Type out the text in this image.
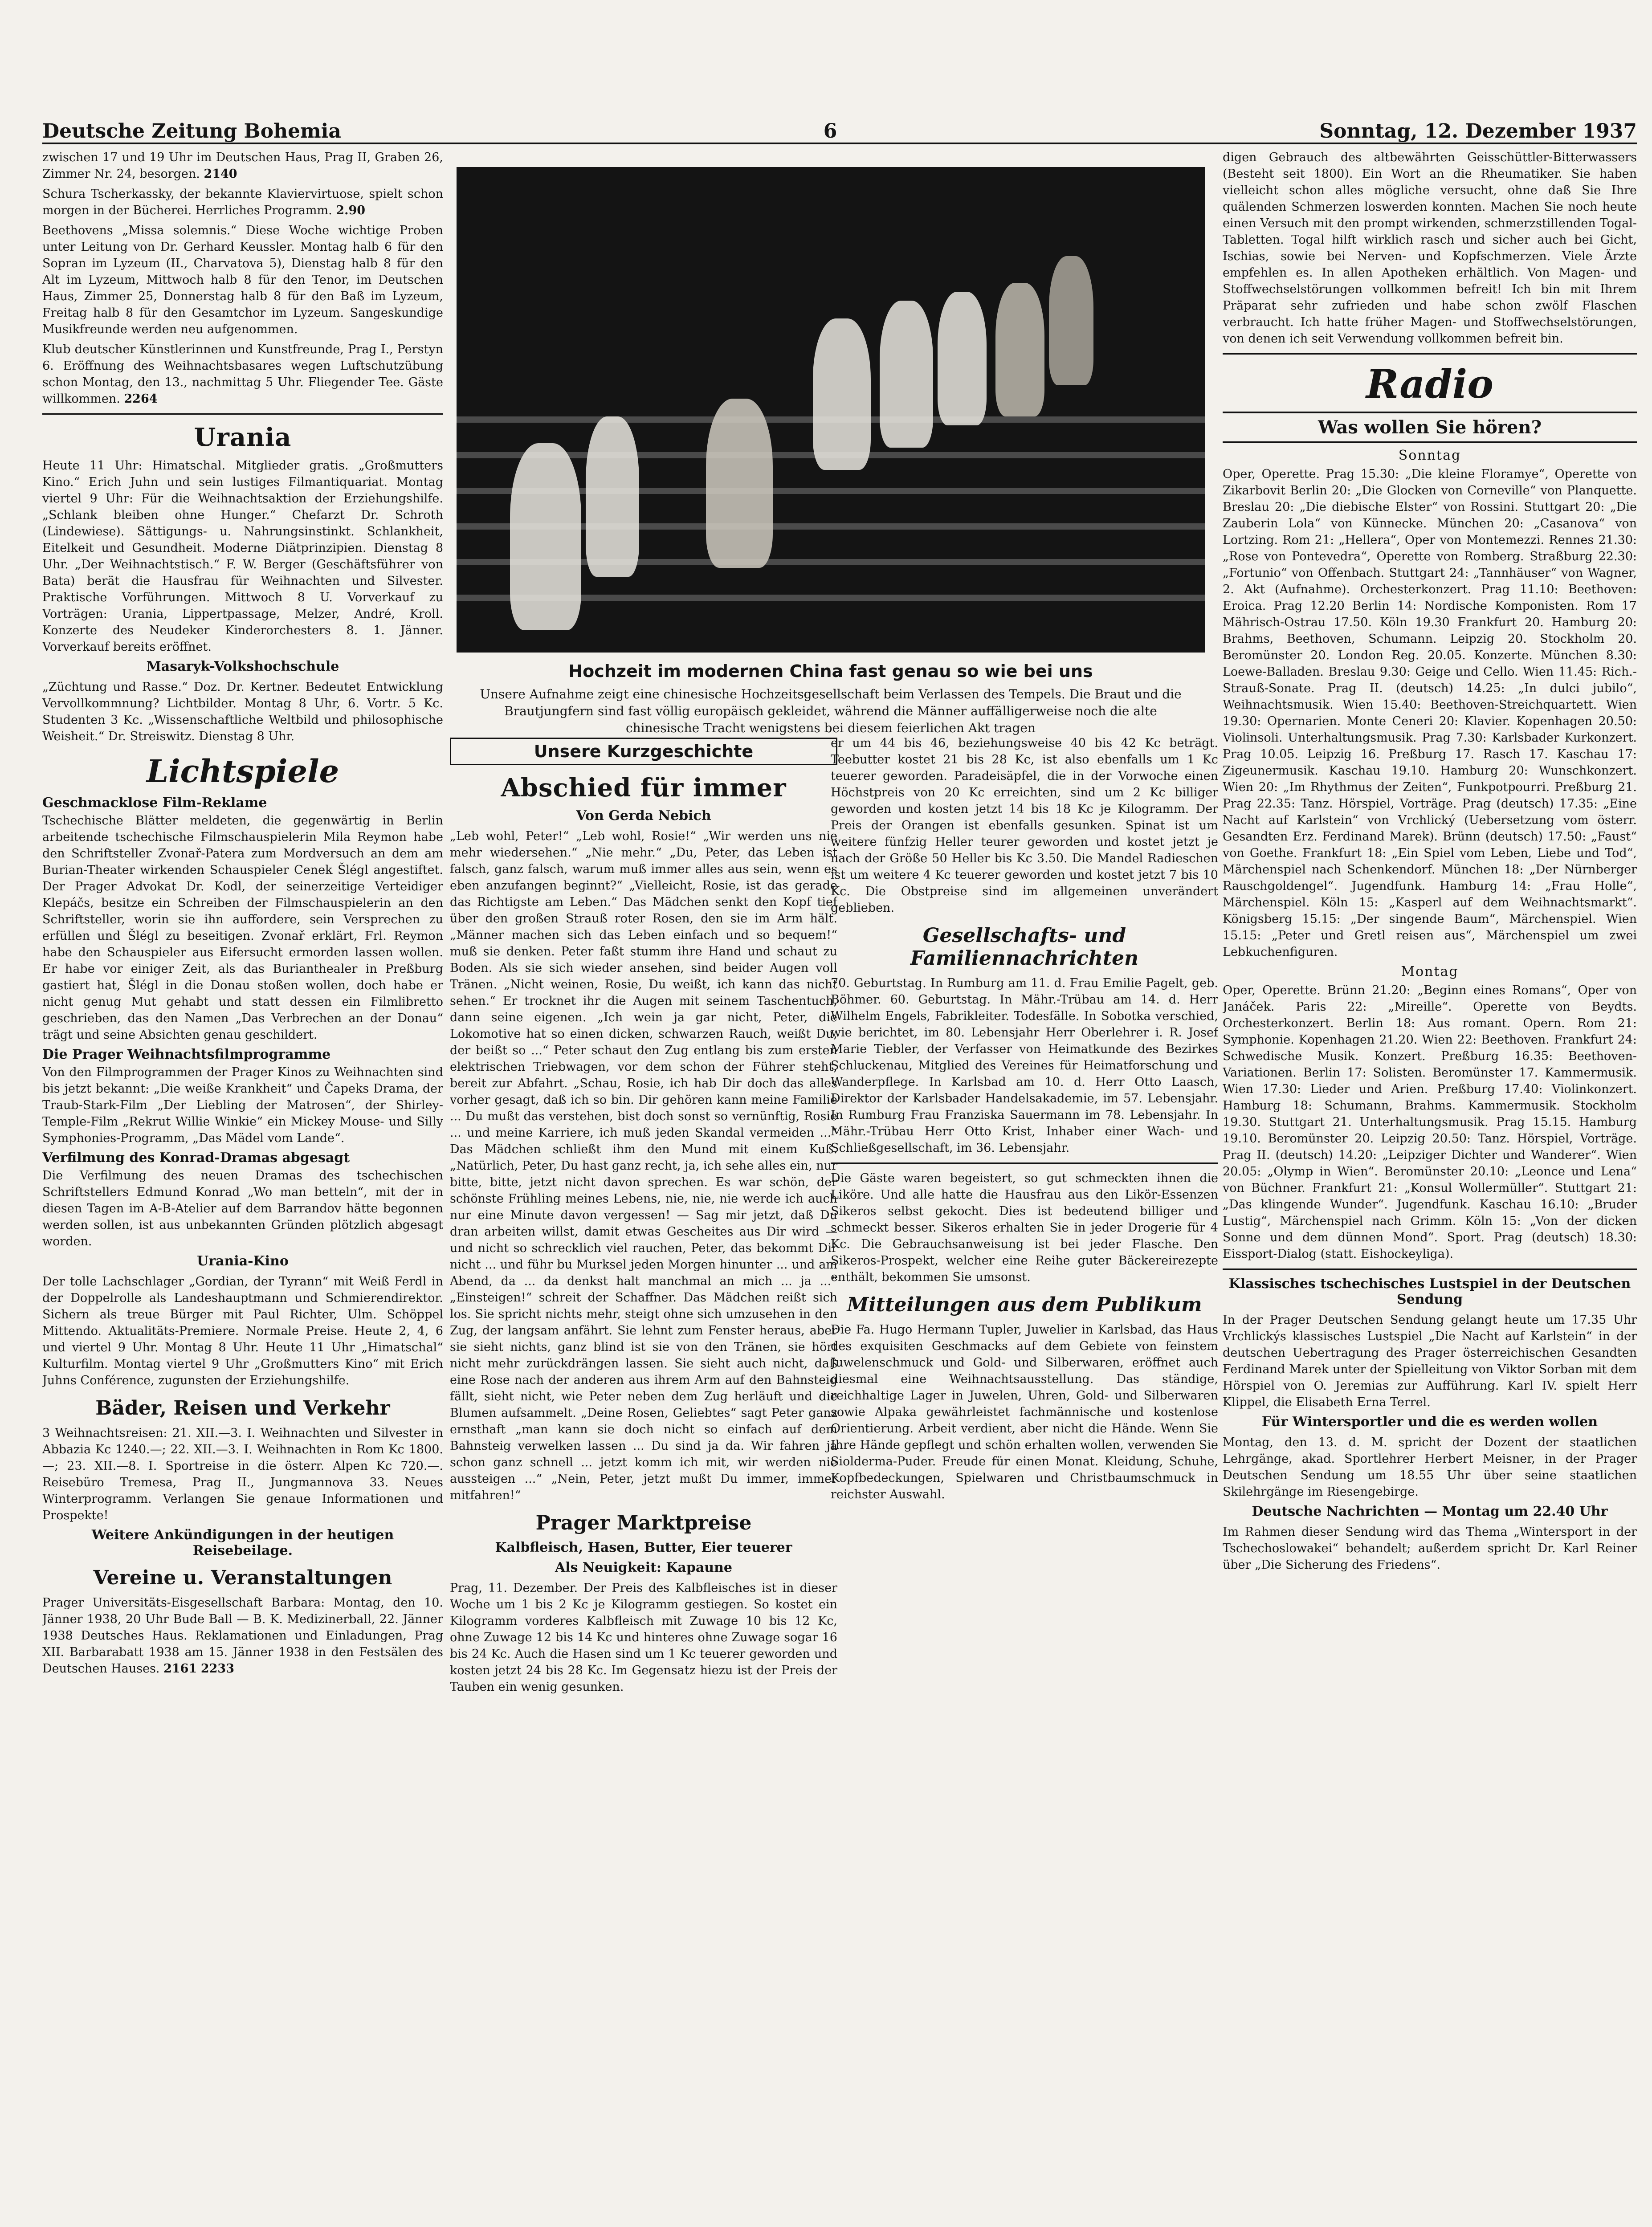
Deutsche Zeitung Bohemia	6	Sonntag, 12. Dezember 1937

zwischen 17 und 19 Uhr im Deutschen Haus, Prag II, Graben 26, Zimmer Nr. 24, besorgen. 2140

Schura Tscherkassky, der bekannte Klaviervirtuose, spielt schon morgen in der Bücherei. Herrliches Programm. 2.90

Beethovens „Missa solemnis.“ Diese Woche wichtige Proben unter Leitung von Dr. Gerhard Keussler. Montag halb 6 für den Sopran im Lyzeum (II., Charvatova 5), Dienstag halb 8 für den Alt im Lyzeum, Mittwoch halb 8 für den Tenor, im Deutschen Haus, Zimmer 25, Donnerstag halb 8 für den Baß im Lyzeum, Freitag halb 8 für den Gesamtchor im Lyzeum. Sangeskundige Musikfreunde werden neu aufgenommen.

Klub deutscher Künstlerinnen und Kunstfreunde, Prag I., Perstyn 6. Eröffnung des Weihnachtsbasares wegen Luftschutzübung schon Montag, den 13., nachmittag 5 Uhr. Fliegender Tee. Gäste willkommen. 2264

Urania

Heute 11 Uhr: Himatschal. Mitglieder gratis. „Großmutters Kino.“ Erich Juhn und sein lustiges Filmantiquariat. Montag viertel 9 Uhr: Für die Weihnachtsaktion der Erziehungshilfe. „Schlank bleiben ohne Hunger.“ Chefarzt Dr. Schroth (Lindewiese). Sättigungs- u. Nahrungsinstinkt. Schlankheit, Eitelkeit und Gesundheit. Moderne Diätprinzipien. Dienstag 8 Uhr. „Der Weihnachtstisch.“ F. W. Berger (Geschäftsführer von Bata) berät die Hausfrau für Weihnachten und Silvester. Praktische Vorführungen. Mittwoch 8 U. Vorverkauf zu Vorträgen: Urania, Lippertpassage, Melzer, André, Kroll. Konzerte des Neudeker Kinderorchesters 8. 1. Jänner. Vorverkauf bereits eröffnet.

Masaryk-Volkshochschule

„Züchtung und Rasse.“ Doz. Dr. Kertner. Bedeutet Entwicklung Vervollkommnung? Lichtbilder. Montag 8 Uhr, 6. Vortr. 5 Kc. Studenten 3 Kc. „Wissenschaftliche Weltbild und philosophische Weisheit.“ Dr. Streiswitz. Dienstag 8 Uhr.

Lichtspiele
Geschmacklose Film-Reklame

Tschechische Blätter meldeten, die gegenwärtig in Berlin arbeitende tschechische Filmschauspielerin Mila Reymon habe den Schriftsteller Zvonař-Patera zum Mordversuch an dem am Burian-Theater wirkenden Schauspieler Cenek Šlégl angestiftet. Der Prager Advokat Dr. Kodl, der seinerzeitige Verteidiger Klepáčs, besitze ein Schreiben der Filmschauspielerin an den Schriftsteller, worin sie ihn auffordere, sein Versprechen zu erfüllen und Šlégl zu beseitigen. Zvonař erklärt, Frl. Reymon habe den Schauspieler aus Eifersucht ermorden lassen wollen. Er habe vor einiger Zeit, als das Burianthealer in Preßburg gastiert hat, Šlégl in die Donau stoßen wollen, doch habe er nicht genug Mut gehabt und statt dessen ein Filmlibretto geschrieben, das den Namen „Das Verbrechen an der Donau“ trägt und seine Absichten genau geschildert.

Die Prager Weihnachtsfilmprogramme

Von den Filmprogrammen der Prager Kinos zu Weihnachten sind bis jetzt bekannt: „Die weiße Krankheit“ und Čapeks Drama, der Traub-Stark-Film „Der Liebling der Matrosen“, der Shirley-Temple-Film „Rekrut Willie Winkie“ ein Mickey Mouse- und Silly Symphonies-Programm, „Das Mädel vom Lande“.

Verfilmung des Konrad-Dramas abgesagt

Die Verfilmung des neuen Dramas des tschechischen Schriftstellers Edmund Konrad „Wo man betteln“, mit der in diesen Tagen im A-B-Atelier auf dem Barrandov hätte begonnen werden sollen, ist aus unbekannten Gründen plötzlich abgesagt worden.

Urania-Kino

Der tolle Lachschlager „Gordian, der Tyrann“ mit Weiß Ferdl in der Doppelrolle als Landeshauptmann und Schmierendirektor. Sichern als treue Bürger mit Paul Richter, Ulm. Schöppel Mittendo. Aktualitäts-Premiere. Normale Preise. Heute 2, 4, 6 und viertel 9 Uhr. Montag 8 Uhr. Heute 11 Uhr „Himatschal“ Kulturfilm. Montag viertel 9 Uhr „Großmutters Kino“ mit Erich Juhns Conférence, zugunsten der Erziehungshilfe.

Bäder, Reisen und Verkehr

3 Weihnachtsreisen: 21. XII.—3. I. Weihnachten und Silvester in Abbazia Kc 1240.—; 22. XII.—3. I. Weihnachten in Rom Kc 1800.—; 23. XII.—8. I. Sportreise in die österr. Alpen Kc 720.—. Reisebüro Tremesa, Prag II., Jungmannova 33. Neues Winterprogramm. Verlangen Sie genaue Informationen und Prospekte!

Weitere Ankündigungen in der heutigen Reisebeilage.
Vereine u. Veranstaltungen

Prager Universitäts-Eisgesellschaft Barbara: Montag, den 10. Jänner 1938, 20 Uhr Bude Ball — B. K. Medizinerball, 22. Jänner 1938 Deutsches Haus. Reklamationen und Einladungen, Prag XII. Barbarabatt 1938 am 15. Jänner 1938 in den Festsälen des Deutschen Hauses. 2161 2233

Hochzeit im modernen China fast genau so wie bei uns
Unsere Aufnahme zeigt eine chinesische Hochzeitsgesellschaft beim Verlassen des Tempels. Die Braut und die Brautjungfern sind fast völlig europäisch gekleidet, während die Männer auffälligerweise noch die alte chinesische Tracht wenigstens bei diesem feierlichen Akt tragen
Unsere Kurzgeschichte
Abschied für immer
Von Gerda Nebich

„Leb wohl, Peter!“ „Leb wohl, Rosie!“ „Wir werden uns nie mehr wiedersehen.“ „Nie mehr.“ „Du, Peter, das Leben ist falsch, ganz falsch, warum muß immer alles aus sein, wenn es eben anzufangen beginnt?“ „Vielleicht, Rosie, ist das gerade das Richtigste am Leben.“ Das Mädchen senkt den Kopf tief über den großen Strauß roter Rosen, den sie im Arm hält. „Männer machen sich das Leben einfach und so bequem!“ muß sie denken. Peter faßt stumm ihre Hand und schaut zu Boden. Als sie sich wieder ansehen, sind beider Augen voll Tränen. „Nicht weinen, Rosie, Du weißt, ich kann das nicht sehen.“ Er trocknet ihr die Augen mit seinem Taschentuch, dann seine eigenen. „Ich wein ja gar nicht, Peter, die Lokomotive hat so einen dicken, schwarzen Rauch, weißt Du, der beißt so ...“ Peter schaut den Zug entlang bis zum ersten elektrischen Triebwagen, vor dem schon der Führer steht, bereit zur Abfahrt. „Schau, Rosie, ich hab Dir doch das alles vorher gesagt, daß ich so bin. Dir gehören kann meine Familie ... Du mußt das verstehen, bist doch sonst so vernünftig, Rosie ... und meine Karriere, ich muß jeden Skandal vermeiden ...“ Das Mädchen schließt ihm den Mund mit einem Kuß. „Natürlich, Peter, Du hast ganz recht, ja, ich sehe alles ein, nur bitte, bitte, jetzt nicht davon sprechen. Es war schön, der schönste Frühling meines Lebens, nie, nie, nie werde ich auch nur eine Minute davon vergessen! — Sag mir jetzt, daß Du dran arbeiten willst, damit etwas Gescheites aus Dir wird — und nicht so schrecklich viel rauchen, Peter, das bekommt Dir nicht ... und führ bu Murksel jeden Morgen hinunter ... und am Abend, da ... da denkst halt manchmal an mich ... ja ...“ „Einsteigen!“ schreit der Schaffner. Das Mädchen reißt sich los. Sie spricht nichts mehr, steigt ohne sich umzusehen in den Zug, der langsam anfährt. Sie lehnt zum Fenster heraus, aber sie sieht nichts, ganz blind ist sie von den Tränen, sie hört nicht mehr zurückdrängen lassen. Sie sieht auch nicht, daß eine Rose nach der anderen aus ihrem Arm auf den Bahnsteig fällt, sieht nicht, wie Peter neben dem Zug herläuft und die Blumen aufsammelt. „Deine Rosen, Geliebtes“ sagt Peter ganz ernsthaft „man kann sie doch nicht so einfach auf dem Bahnsteig verwelken lassen ... Du sind ja da. Wir fahren ja schon ganz schnell ... jetzt komm ich mit, wir werden nie aussteigen ...“ „Nein, Peter, jetzt mußt Du immer, immer mitfahren!“

Prager Marktpreise
Kalbfleisch, Hasen, Butter, Eier teuerer
Als Neuigkeit: Kapaune

Prag, 11. Dezember. Der Preis des Kalbfleisches ist in dieser Woche um 1 bis 2 Kc je Kilogramm gestiegen. So kostet ein Kilogramm vorderes Kalbfleisch mit Zuwage 10 bis 12 Kc, ohne Zuwage 12 bis 14 Kc und hinteres ohne Zuwage sogar 16 bis 24 Kc. Auch die Hasen sind um 1 Kc teuerer geworden und kosten jetzt 24 bis 28 Kc. Im Gegensatz hiezu ist der Preis der Tauben ein wenig gesunken.

er um 44 bis 46, beziehungsweise 40 bis 42 Kc beträgt. Teebutter kostet 21 bis 28 Kc, ist also ebenfalls um 1 Kc teuerer geworden. Paradeisäpfel, die in der Vorwoche einen Höchstpreis von 20 Kc erreichten, sind um 2 Kc billiger geworden und kosten jetzt 14 bis 18 Kc je Kilogramm. Der Preis der Orangen ist ebenfalls gesunken. Spinat ist um weitere fünfzig Heller teurer geworden und kostet jetzt je nach der Größe 50 Heller bis Kc 3.50. Die Mandel Radieschen ist um weitere 4 Kc teuerer geworden und kostet jetzt 7 bis 10 Kc. Die Obstpreise sind im allgemeinen unverändert geblieben.

Gesellschafts- und Familiennachrichten

70. Geburtstag. In Rumburg am 11. d. Frau Emilie Pagelt, geb. Böhmer. 60. Geburtstag. In Mähr.-Trübau am 14. d. Herr Wilhelm Engels, Fabrikleiter. Todesfälle. In Sobotka verschied, wie berichtet, im 80. Lebensjahr Herr Oberlehrer i. R. Josef Marie Tiebler, der Verfasser von Heimatkunde des Bezirkes Schluckenau, Mitglied des Vereines für Heimatforschung und Wanderpflege. In Karlsbad am 10. d. Herr Otto Laasch, Direktor der Karlsbader Handelsakademie, im 57. Lebensjahr. In Rumburg Frau Franziska Sauermann im 78. Lebensjahr. In Mähr.-Trübau Herr Otto Krist, Inhaber einer Wach- und Schließgesellschaft, im 36. Lebensjahr.

Die Gäste waren begeistert, so gut schmeckten ihnen die Liköre. Und alle hatte die Hausfrau aus den Likör-Essenzen Sikeros selbst gekocht. Dies ist bedeutend billiger und schmeckt besser. Sikeros erhalten Sie in jeder Drogerie für 4 Kc. Die Gebrauchsanweisung ist bei jeder Flasche. Den Sikeros-Prospekt, welcher eine Reihe guter Bäckereirezepte enthält, bekommen Sie umsonst.

Mitteilungen aus dem Publikum

Die Fa. Hugo Hermann Tupler, Juwelier in Karlsbad, das Haus des exquisiten Geschmacks auf dem Gebiete von feinstem Juwelenschmuck und Gold- und Silberwaren, eröffnet auch diesmal eine Weihnachtsausstellung. Das ständige, reichhaltige Lager in Juwelen, Uhren, Gold- und Silberwaren sowie Alpaka gewährleistet fachmännische und kostenlose Orientierung. Arbeit verdient, aber nicht die Hände. Wenn Sie Ihre Hände gepflegt und schön erhalten wollen, verwenden Sie Siolderma-Puder. Freude für einen Monat. Kleidung, Schuhe, Kopfbedeckungen, Spielwaren und Christbaumschmuck in reichster Auswahl.

digen Gebrauch des altbewährten Geisschüttler-Bitterwassers (Besteht seit 1800). Ein Wort an die Rheumatiker. Sie haben vielleicht schon alles mögliche versucht, ohne daß Sie Ihre quälenden Schmerzen loswerden konnten. Machen Sie noch heute einen Versuch mit den prompt wirkenden, schmerzstillenden Togal-Tabletten. Togal hilft wirklich rasch und sicher auch bei Gicht, Ischias, sowie bei Nerven- und Kopfschmerzen. Viele Ärzte empfehlen es. In allen Apotheken erhältlich. Von Magen- und Stoffwechselstörungen vollkommen befreit! Ich bin mit Ihrem Präparat sehr zufrieden und habe schon zwölf Flaschen verbraucht. Ich hatte früher Magen- und Stoffwechselstörungen, von denen ich seit Verwendung vollkommen befreit bin.

Radio
Was wollen Sie hören?
Sonntag

Oper, Operette. Prag 15.30: „Die kleine Floramye“, Operette von Zikarbovit Berlin 20: „Die Glocken von Corneville“ von Planquette. Breslau 20: „Die diebische Elster“ von Rossini. Stuttgart 20: „Die Zauberin Lola“ von Künnecke. München 20: „Casanova“ von Lortzing. Rom 21: „Hellera“, Oper von Montemezzi. Rennes 21.30: „Rose von Pontevedra“, Operette von Romberg. Straßburg 22.30: „Fortunio“ von Offenbach. Stuttgart 24: „Tannhäuser“ von Wagner, 2. Akt (Aufnahme). Orchesterkonzert. Prag 11.10: Beethoven: Eroica. Prag 12.20 Berlin 14: Nordische Komponisten. Rom 17 Mährisch-Ostrau 17.50. Köln 19.30 Frankfurt 20. Hamburg 20: Brahms, Beethoven, Schumann. Leipzig 20. Stockholm 20. Beromünster 20. London Reg. 20.05. Konzerte. München 8.30: Loewe-Balladen. Breslau 9.30: Geige und Cello. Wien 11.45: Rich.-Strauß-Sonate. Prag II. (deutsch) 14.25: „In dulci jubilo“, Weihnachtsmusik. Wien 15.40: Beethoven-Streichquartett. Wien 19.30: Opernarien. Monte Ceneri 20: Klavier. Kopenhagen 20.50: Violinsoli. Unterhaltungsmusik. Prag 7.30: Karlsbader Kurkonzert. Prag 10.05. Leipzig 16. Preßburg 17. Rasch 17. Kaschau 17: Zigeunermusik. Kaschau 19.10. Hamburg 20: Wunschkonzert. Wien 20: „Im Rhythmus der Zeiten“, Funkpotpourri. Preßburg 21. Prag 22.35: Tanz. Hörspiel, Vorträge. Prag (deutsch) 17.35: „Eine Nacht auf Karlstein“ von Vrchlický (Uebersetzung vom österr. Gesandten Erz. Ferdinand Marek). Brünn (deutsch) 17.50: „Faust“ von Goethe. Frankfurt 18: „Ein Spiel vom Leben, Liebe und Tod“, Märchenspiel nach Schenkendorf. München 18: „Der Nürnberger Rauschgoldengel“. Jugendfunk. Hamburg 14: „Frau Holle“, Märchenspiel. Köln 15: „Kasperl auf dem Weihnachtsmarkt“. Königsberg 15.15: „Der singende Baum“, Märchenspiel. Wien 15.15: „Peter und Gretl reisen aus“, Märchenspiel um zwei Lebkuchenfiguren.

Montag

Oper, Operette. Brünn 21.20: „Beginn eines Romans“, Oper von Janáček. Paris 22: „Mireille“. Operette von Beydts. Orchesterkonzert. Berlin 18: Aus romant. Opern. Rom 21: Symphonie. Kopenhagen 21.20. Wien 22: Beethoven. Frankfurt 24: Schwedische Musik. Konzert. Preßburg 16.35: Beethoven-Variationen. Berlin 17: Solisten. Beromünster 17. Kammermusik. Wien 17.30: Lieder und Arien. Preßburg 17.40: Violinkonzert. Hamburg 18: Schumann, Brahms. Kammermusik. Stockholm 19.30. Stuttgart 21. Unterhaltungsmusik. Prag 15.15. Hamburg 19.10. Beromünster 20. Leipzig 20.50: Tanz. Hörspiel, Vorträge. Prag II. (deutsch) 14.20: „Leipziger Dichter und Wanderer“. Wien 20.05: „Olymp in Wien“. Beromünster 20.10: „Leonce und Lena“ von Büchner. Frankfurt 21: „Konsul Wollermüller“. Stuttgart 21: „Das klingende Wunder“. Jugendfunk. Kaschau 16.10: „Bruder Lustig“, Märchenspiel nach Grimm. Köln 15: „Von der dicken Sonne und dem dünnen Mond“. Sport. Prag (deutsch) 18.30: Eissport-Dialog (statt. Eishockeyliga).

Klassisches tschechisches Lustspiel in der Deutschen Sendung

In der Prager Deutschen Sendung gelangt heute um 17.35 Uhr Vrchlickýs klassisches Lustspiel „Die Nacht auf Karlstein“ in der deutschen Uebertragung des Prager österreichischen Gesandten Ferdinand Marek unter der Spielleitung von Viktor Sorban mit dem Hörspiel von O. Jeremias zur Aufführung. Karl IV. spielt Herr Klippel, die Elisabeth Erna Terrel.

Für Wintersportler und die es werden wollen

Montag, den 13. d. M. spricht der Dozent der staatlichen Lehrgänge, akad. Sportlehrer Herbert Meisner, in der Prager Deutschen Sendung um 18.55 Uhr über seine staatlichen Skilehrgänge im Riesengebirge.

Deutsche Nachrichten — Montag um 22.40 Uhr

Im Rahmen dieser Sendung wird das Thema „Wintersport in der Tschechoslowakei“ behandelt; außerdem spricht Dr. Karl Reiner über „Die Sicherung des Friedens“.
